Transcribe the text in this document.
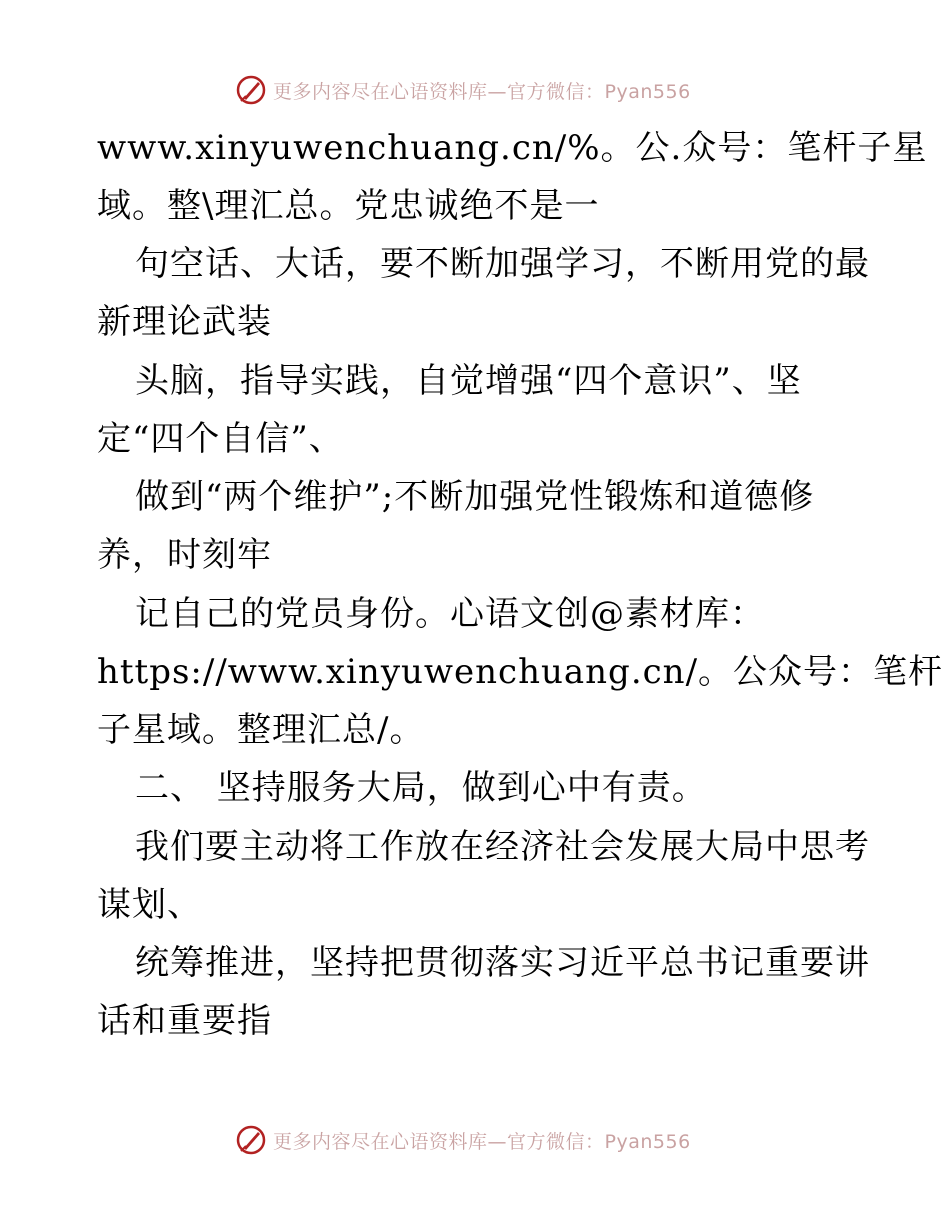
更多内容尽在心语资料库—官方微信：Pyan556
www.xinyuwenchuang.cn/%。公.众号：笔杆子星
域。整\理汇总。党忠诚绝不是一
句空话、大话，要不断加强学习，不断用党的最
新理论武装
头脑，指导实践，自觉增强“四个意识”、坚
定“四个自信”、
做到“两个维护”;不断加强党性锻炼和道德修
养，时刻牢
记自己的党员身份。心语文创@素材库：
https://www.xinyuwenchuang.cn/。公众号：笔杆
子星域。整理汇总/。
二、 坚持服务大局，做到心中有责。
我们要主动将工作放在经济社会发展大局中思考
谋划、
统筹推进，坚持把贯彻落实习近平总书记重要讲
话和重要指
更多内容尽在心语资料库—官方微信：Pyan556
